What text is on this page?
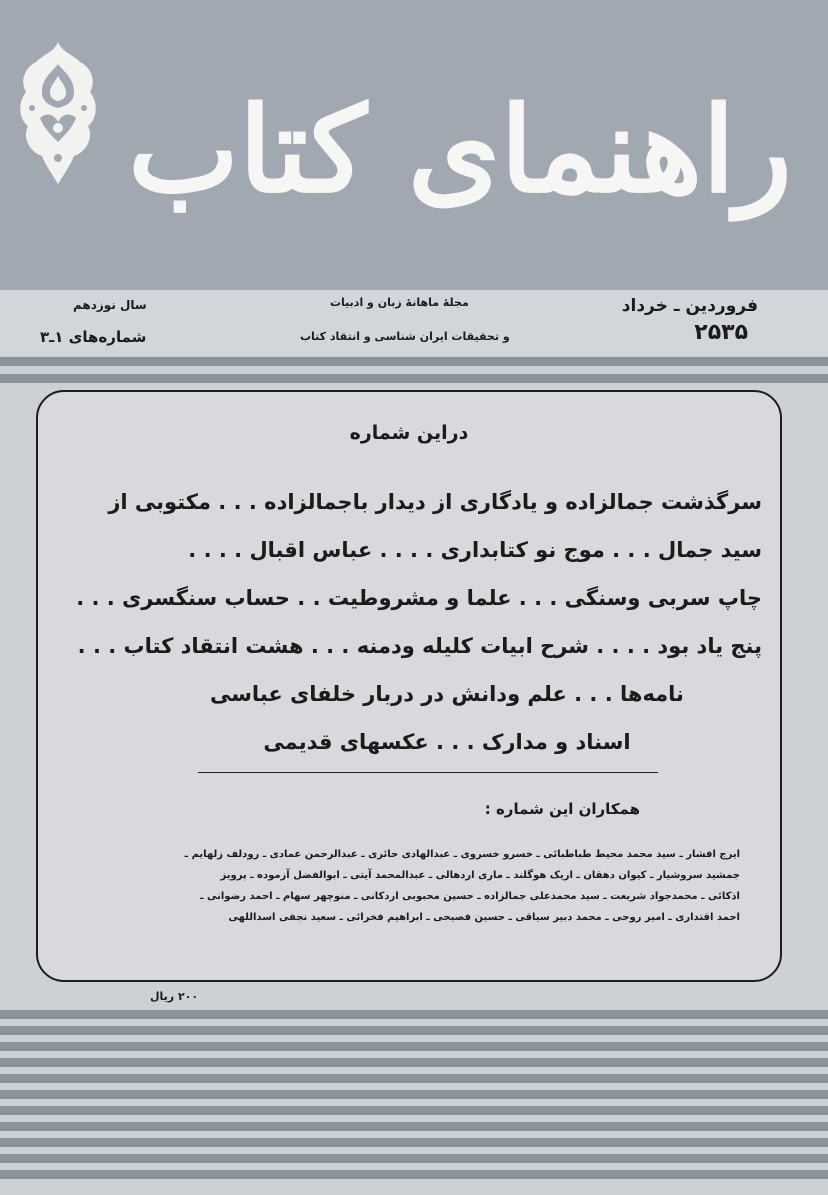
راهنمای کتاب
فروردین ـ خرداد
۲۵۳۵
مجلهٔ ماهانهٔ زبان و ادبیات
و تحقیقات ایران شناسی و انتقاد کتاب
سال نوزدهم
شماره‌های ۱ـ۳
دراین شماره
سرگذشت جمالزاده و یادگاری از دیدار باجمالزاده . . . مکتوبی از
سید جمال . . . موج نو کتابداری . . . . عباس اقبال . . . .
چاپ سربی وسنگی . . . علما و مشروطیت . . حساب سنگسری . . .
پنج یاد بود . . . . شرح ابیات کلیله ودمنه . . . هشت انتقاد کتاب . . .
نامه‌ها . . . علم ودانش در دربار خلفای عباسی
اسناد و مدارک . . . عکسهای قدیمی
همکاران این شماره :
ایرج افشار ـ سید محمد محیط طباطبائی ـ خسرو خسروی ـ عبدالهادی حائری ـ عبدالرحمن عمادی ـ رودلف زلهایم ـ
جمشید سروشیار ـ کیوان دهقان ـ اریک هوگلند ـ ماری اردهالی ـ عبدالمحمد آیتی ـ ابوالفضل آزموده ـ پرویز
اذکائی ـ محمدجواد شریعت ـ سید محمدعلی جمالزاده ـ حسین محبوبی اردکانی ـ منوچهر سهام ـ احمد رضوانی ـ
احمد اقتداری ـ امیر روحی ـ محمد دبیر سیاقی ـ حسین فصیحی ـ ابراهیم فخرائی ـ سعید نجفی اسداللهی
۲۰۰ ریال
